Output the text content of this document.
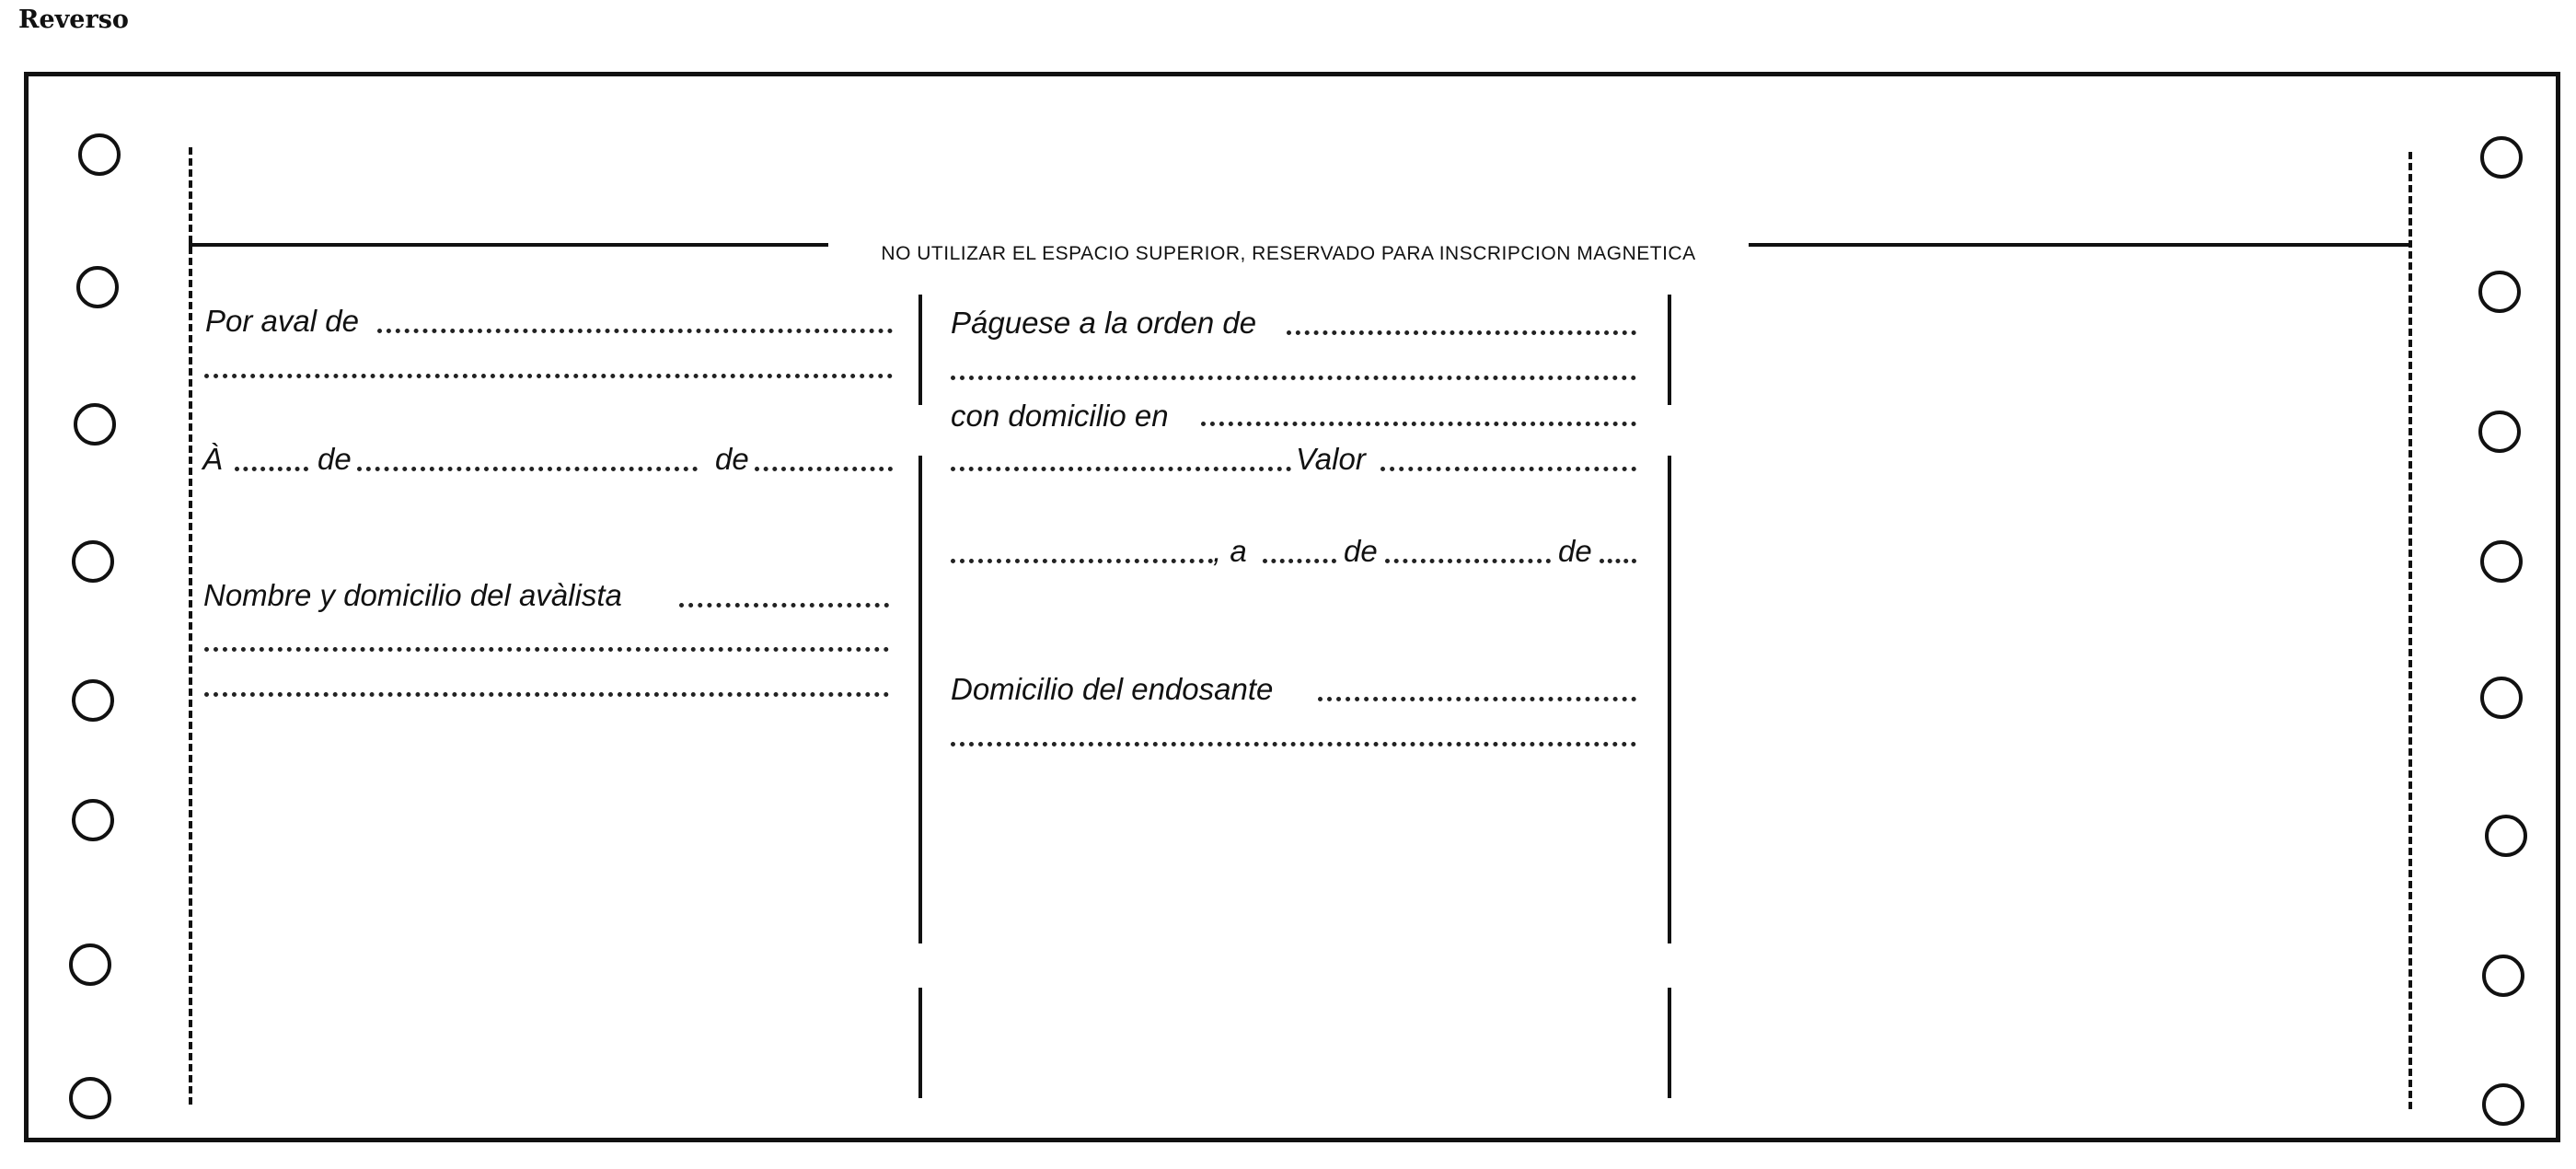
Reverso
NO UTILIZAR EL ESPACIO SUPERIOR, RESERVADO PARA INSCRIPCION MAGNETICA
Por aval de
À	de	de
Nombre y domicilio del avàlista
Páguese a la orden de
con domicilio en
Valor
, a	de	de
Domicilio del endosante
